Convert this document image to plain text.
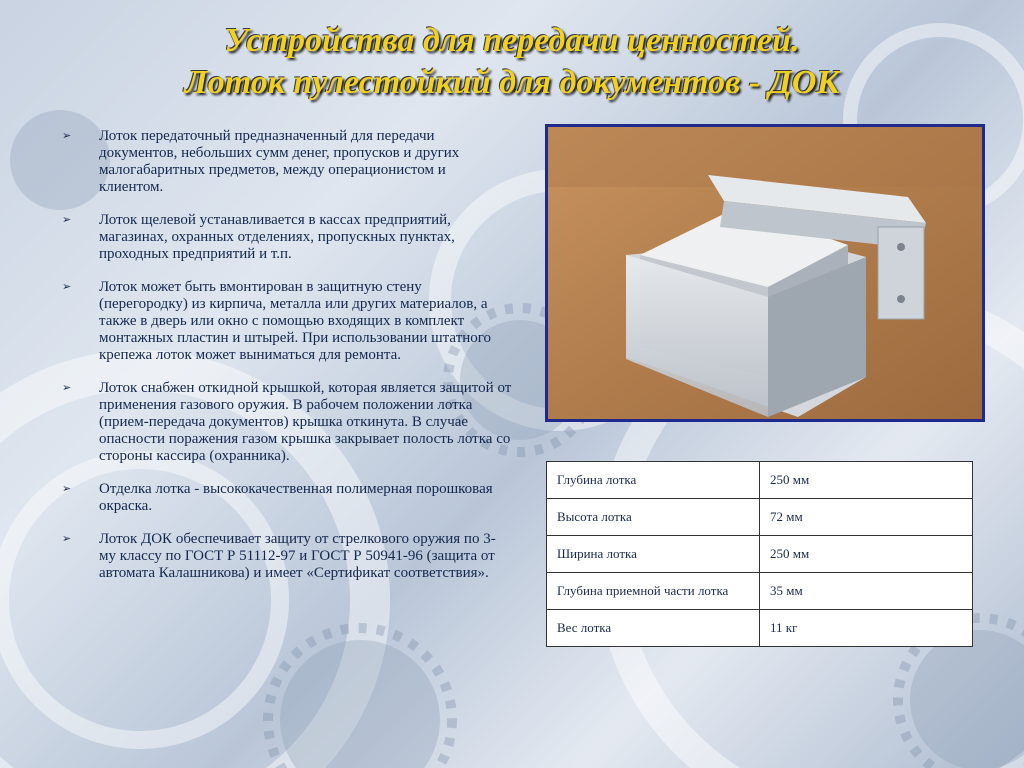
Устройства для передачи ценностей.
Лоток пулестойкий для документов - ДОК
➢ Лоток передаточный предназначенный для передачи документов, небольших сумм денег, пропусков и других малогабаритных предметов, между операционистом и клиентом.
➢ Лоток щелевой устанавливается в кассах предприятий, магазинах, охранных отделениях, пропускных пунктах, проходных предприятий и т.п.
➢ Лоток может быть вмонтирован в защитную стену (перегородку) из кирпича, металла или других материалов, а также в дверь или окно с помощью входящих в комплект монтажных пластин и штырей. При использовании штатного крепежа лоток может выниматься для ремонта.
➢ Лоток снабжен откидной крышкой, которая является защитой от применения газового оружия. В рабочем положении лотка (прием-передача документов) крышка откинута. В случае опасности поражения газом крышка закрывает полость лотка со стороны кассира (охранника).
➢ Отделка лотка - высококачественная полимерная порошковая окраска.
➢ Лоток ДОК обеспечивает защиту от стрелкового оружия по 3-му классу по ГОСТ Р 51112-97 и ГОСТ Р 50941-96 (защита от автомата Калашникова) и имеет «Сертификат соответствия».
Глубина лотка	250 мм
Высота лотка	72 мм
Ширина лотка	250 мм
Глубина приемной части лотка	35 мм
Вес лотка	11 кг
